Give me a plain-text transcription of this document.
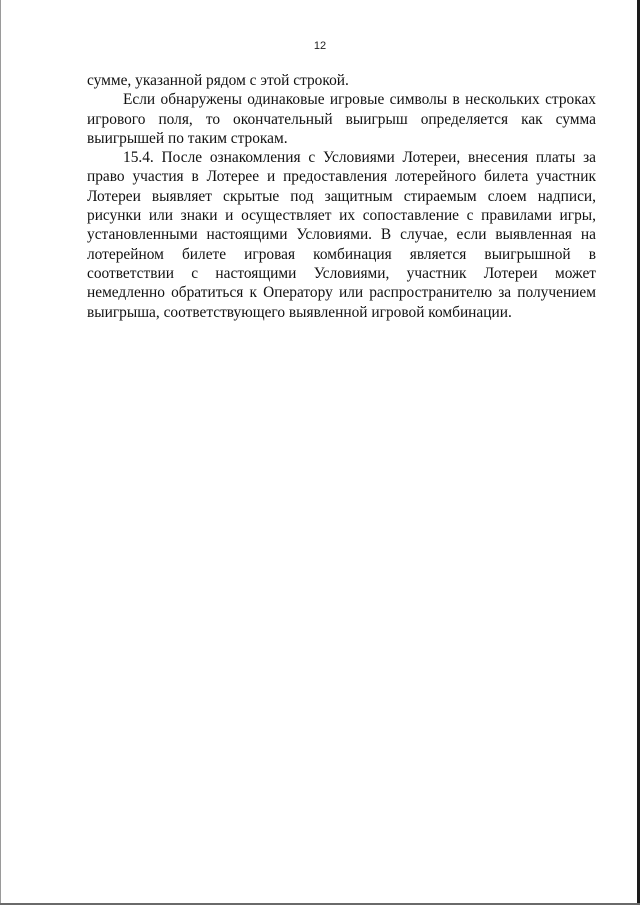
12

сумме, указанной рядом с этой строкой.

Если обнаружены одинаковые игровые символы в нескольких строках игрового поля, то окончательный выигрыш определяется как сумма выигрышей по таким строкам.

15.4. После ознакомления с Условиями Лотереи, внесения платы за право участия в Лотерее и предоставления лотерейного билета участник Лотереи выявляет скрытые под защитным стираемым слоем надписи, рисунки или знаки и осуществляет их сопоставление с правилами игры, установленными настоящими Условиями. В случае, если выявленная на лотерейном билете игровая комбинация является выигрышной в соответствии с настоящими Условиями, участник Лотереи может немедленно обратиться к Оператору или распространителю за получением выигрыша, соответствующего выявленной игровой комбинации.
